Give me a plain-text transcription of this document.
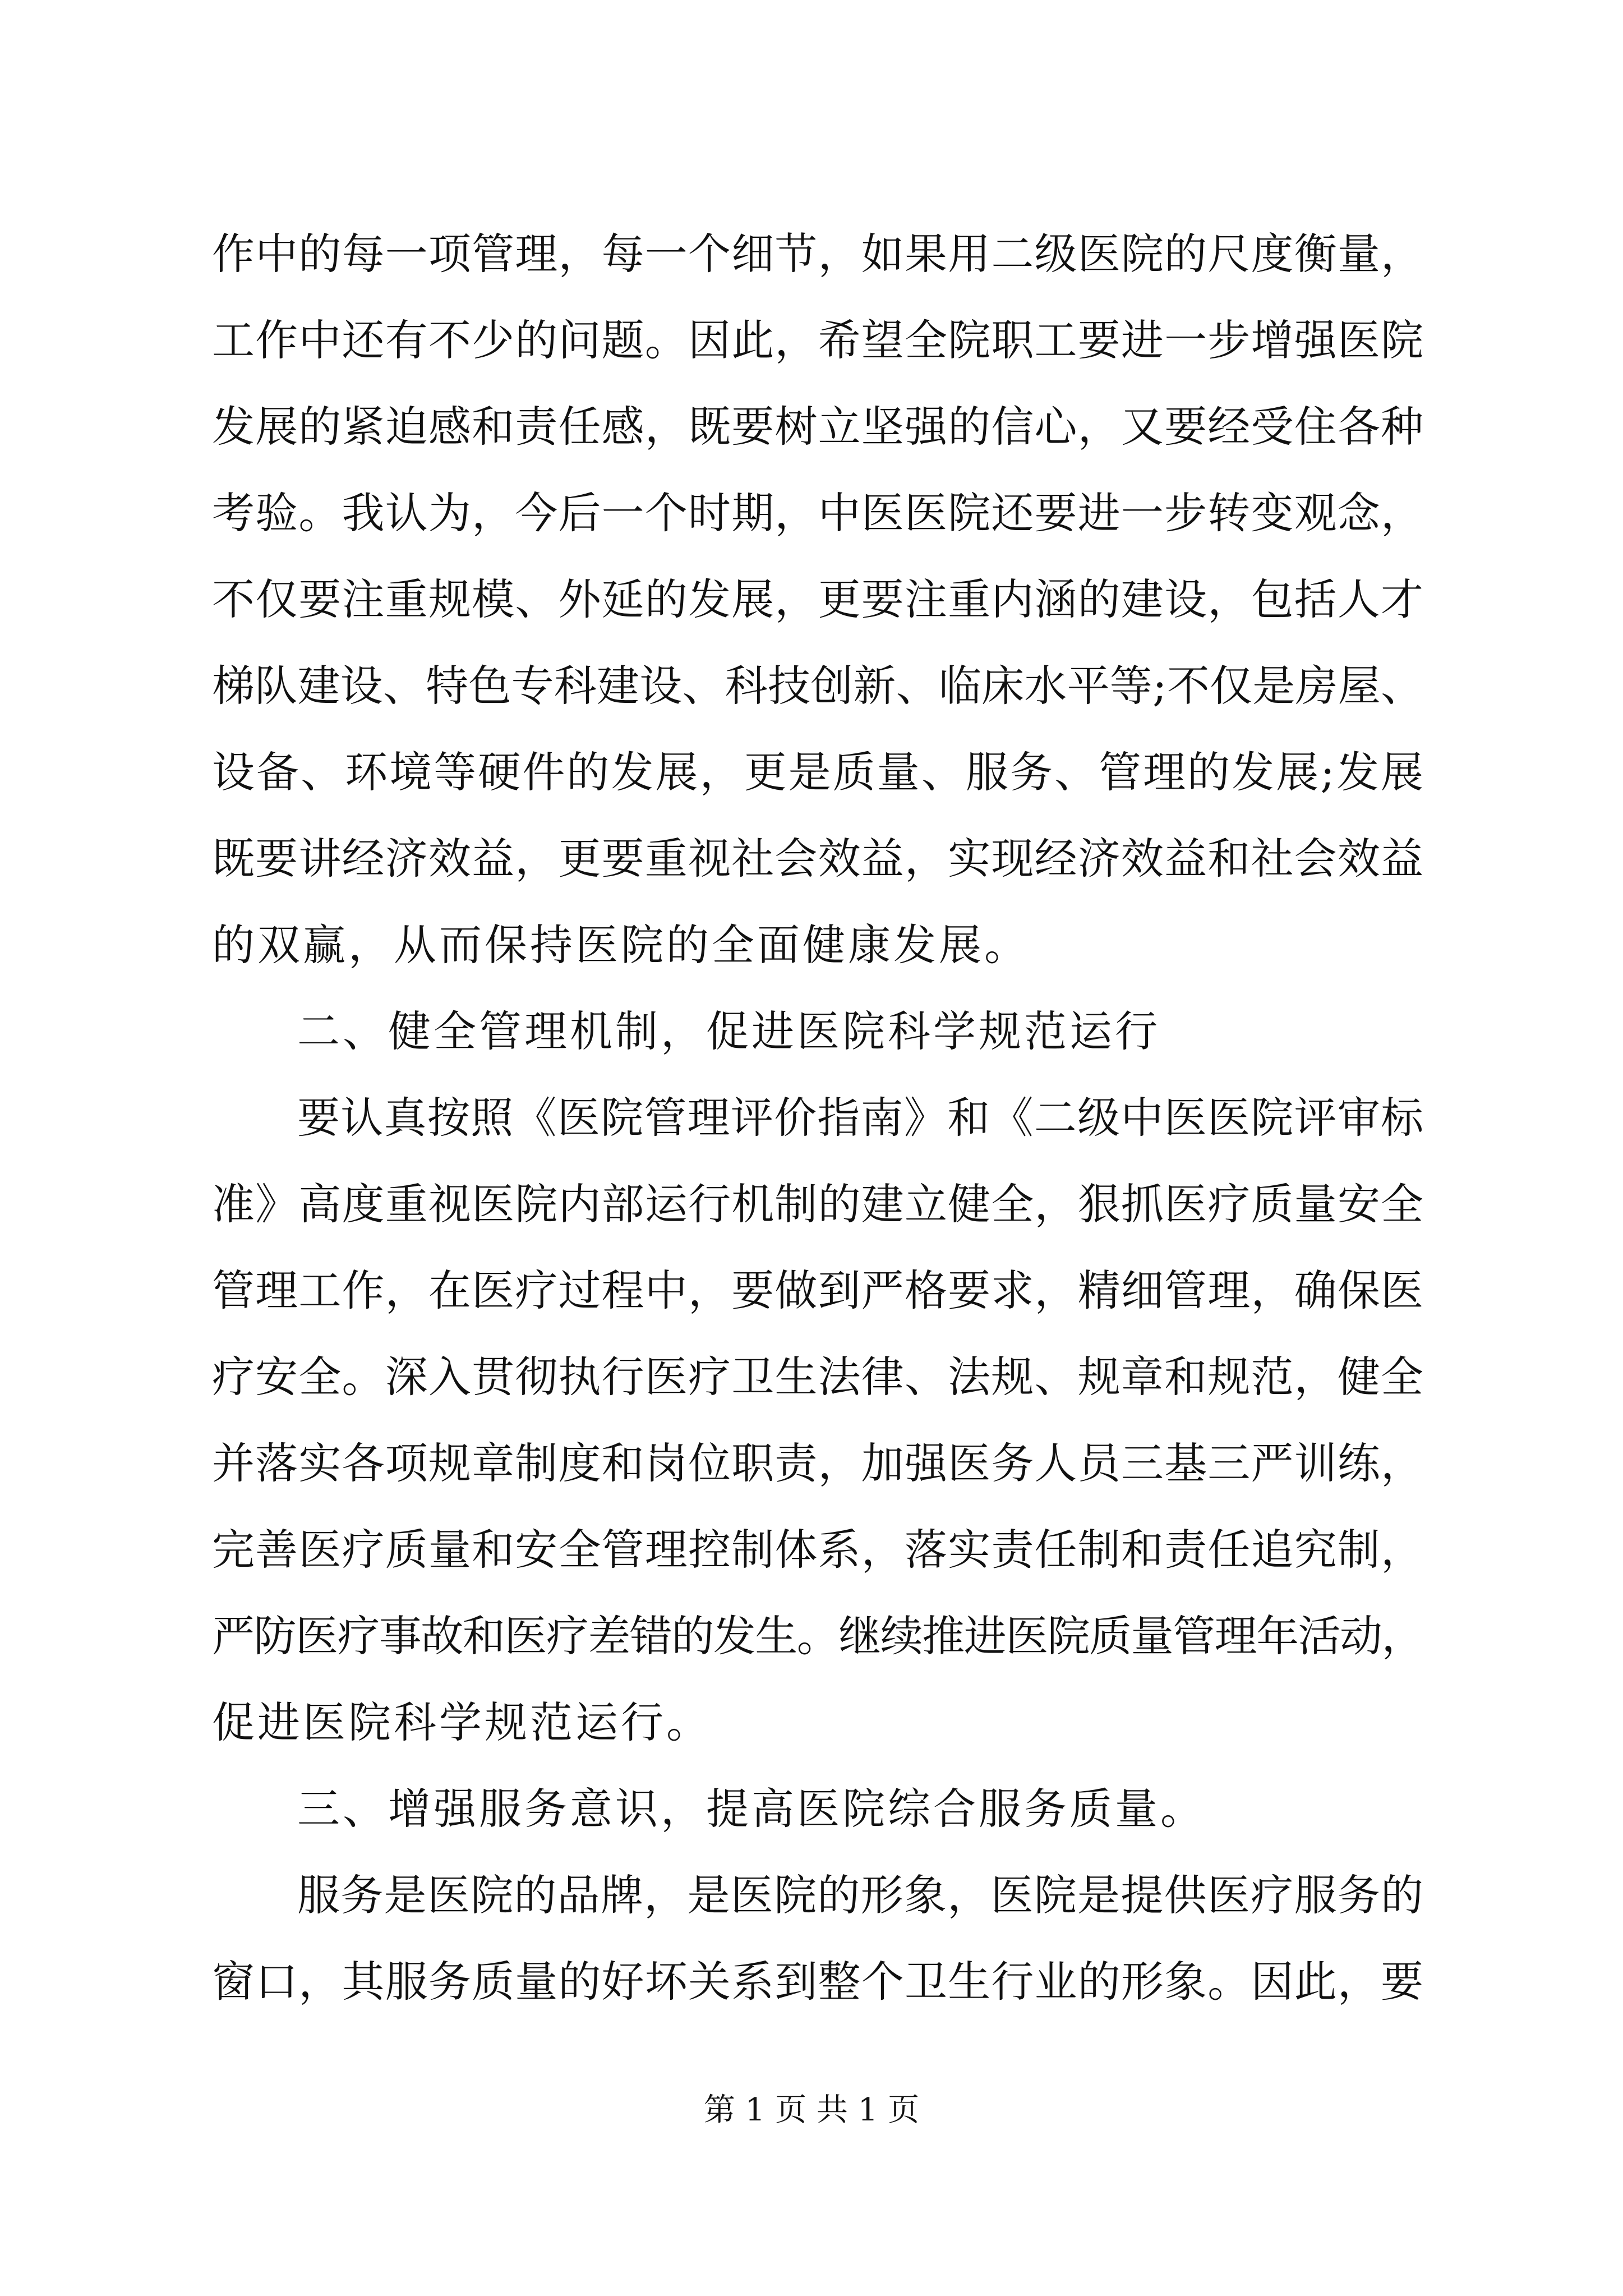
作中的每一项管理，每一个细节，如果用二级医院的尺度衡量，
工作中还有不少的问题。因此，希望全院职工要进一步增强医院
发展的紧迫感和责任感，既要树立坚强的信心，又要经受住各种
考验。我认为，今后一个时期，中医医院还要进一步转变观念，
不仅要注重规模、外延的发展，更要注重内涵的建设，包括人才
梯队建设、特色专科建设、科技创新、临床水平等;不仅是房屋、
设备、环境等硬件的发展，更是质量、服务、管理的发展;发展
既要讲经济效益，更要重视社会效益，实现经济效益和社会效益
的双赢，从而保持医院的全面健康发展。
二、健全管理机制，促进医院科学规范运行
要认真按照《医院管理评价指南》和《二级中医医院评审标
准》高度重视医院内部运行机制的建立健全，狠抓医疗质量安全
管理工作，在医疗过程中，要做到严格要求，精细管理，确保医
疗安全。深入贯彻执行医疗卫生法律、法规、规章和规范，健全
并落实各项规章制度和岗位职责，加强医务人员三基三严训练，
完善医疗质量和安全管理控制体系，落实责任制和责任追究制，
严防医疗事故和医疗差错的发生。继续推进医院质量管理年活动，
促进医院科学规范运行。
三、增强服务意识，提高医院综合服务质量。
服务是医院的品牌，是医院的形象，医院是提供医疗服务的
窗口，其服务质量的好坏关系到整个卫生行业的形象。因此，要
第 1 页 共 1 页
